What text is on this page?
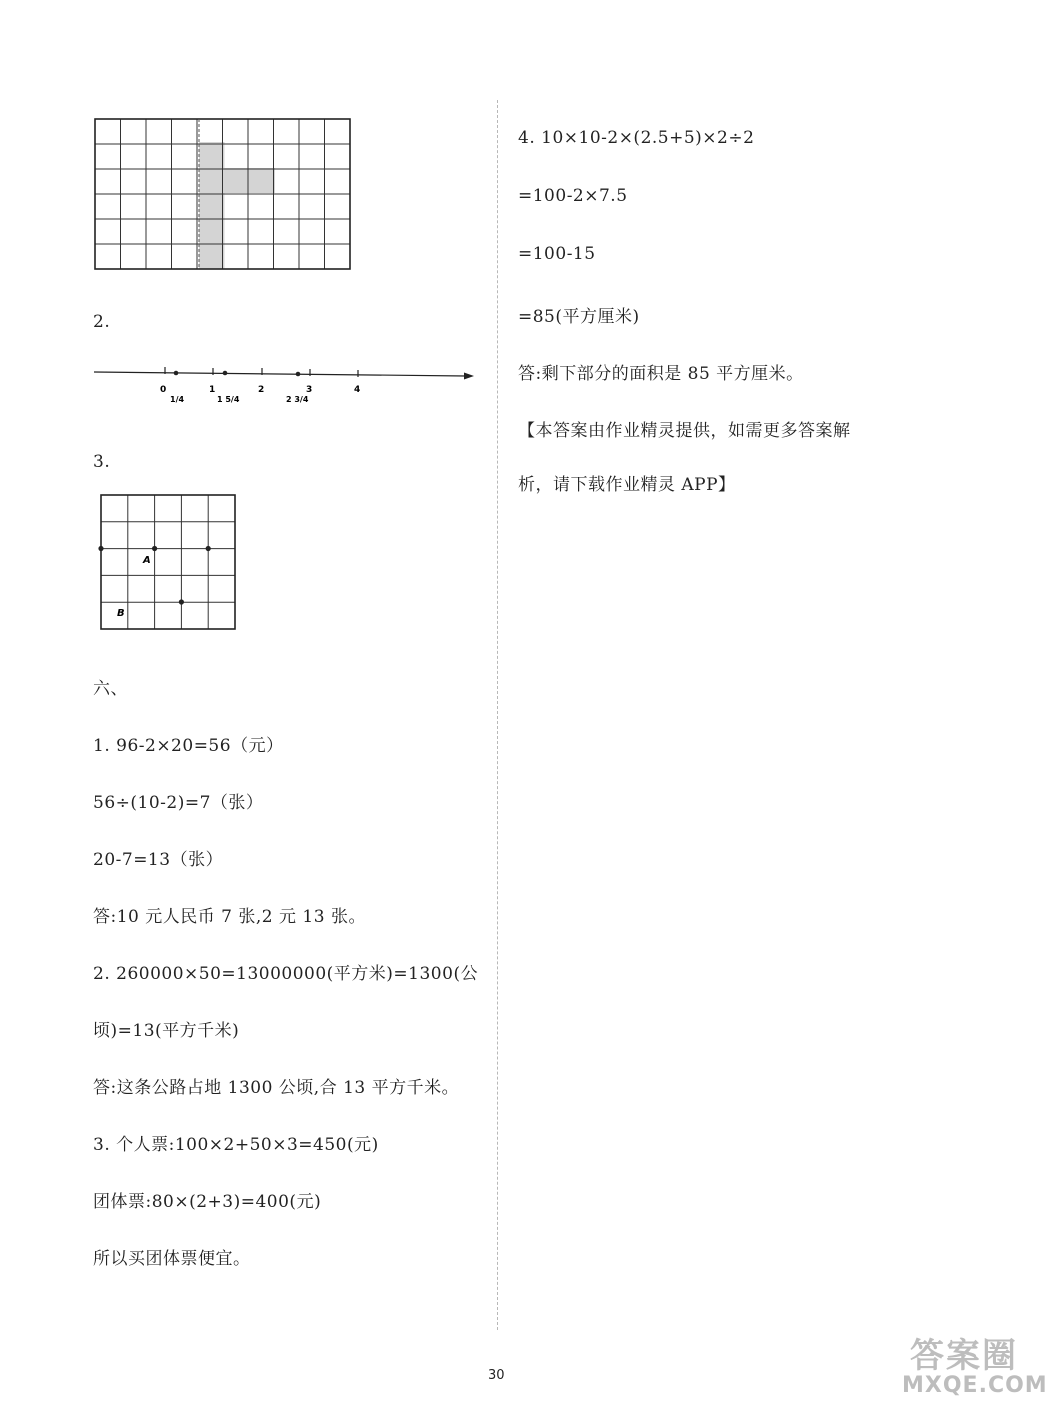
2.
0	1	2	3	4
1/4	1 5/4	2 3/4
3.
A
B
六、
1. 96-2×20=56（元）
56÷(10-2)=7（张）
20-7=13（张）
答:10 元人民币 7 张,2 元 13 张。
2. 260000×50=13000000(平方米)=1300(公
顷)=13(平方千米)
答:这条公路占地 1300 公顷,合 13 平方千米。
3. 个人票:100×2+50×3=450(元)
团体票:80×(2+3)=400(元)
所以买团体票便宜。
4. 10×10-2×(2.5+5)×2÷2
=100-2×7.5
=100-15
=85(平方厘米)
答:剩下部分的面积是 85 平方厘米。
【本答案由作业精灵提供，如需更多答案解
析，请下载作业精灵 APP】
30	答案圈
MXQE.COM
